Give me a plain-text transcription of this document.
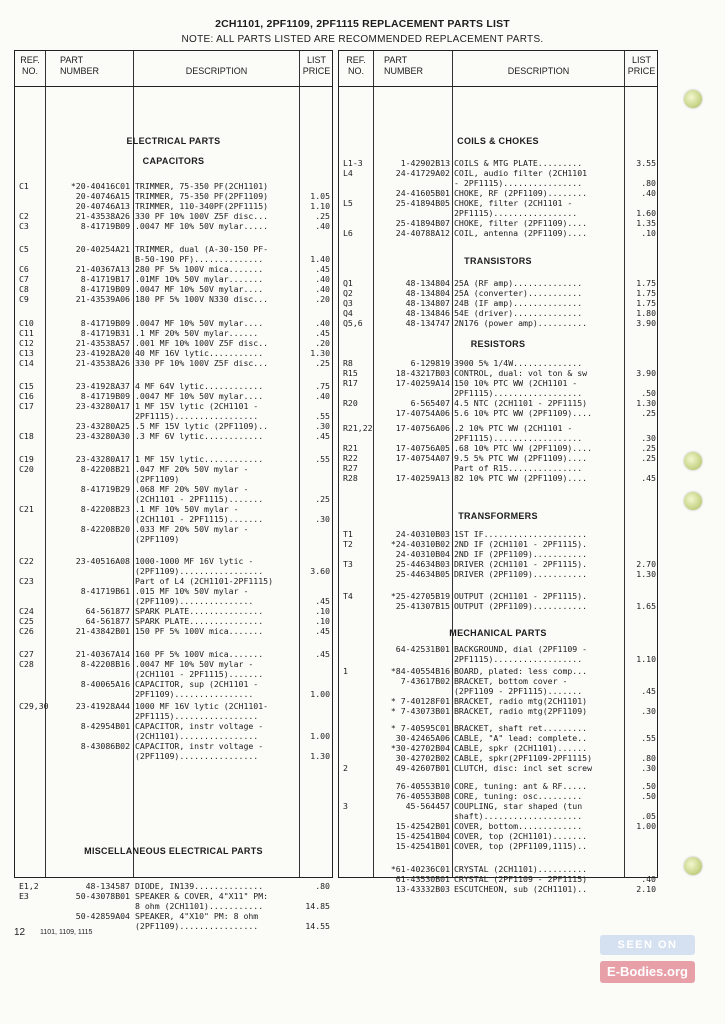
2CH1101, 2PF1109, 2PF1115 REPLACEMENT PARTS LIST
NOTE: ALL PARTS LISTED ARE RECOMMENDED REPLACEMENT PARTS.
REF.
NO.
PART
NUMBER	DESCRIPTION
LIST
PRICE
ELECTRICAL PARTS
CAPACITORS
MISCELLANEOUS ELECTRICAL PARTS
C1	*20-40416C01 TRIMMER, 75-350 PF(2CH1101)
20-40746A15 TRIMMER, 75-350 PF(2PF1109)	1.05
20-40746A13 TRIMMER, 110-340PF(2PF1115)	1.10
C2	21-43538A26 330 PF 10% 100V Z5F disc...	.25
C3	8-41719B09 .0047 MF 10% 50V mylar.....	.40
C5	20-40254A21 TRIMMER, dual (A-30-150 PF-
B-50-190 PF)..............	1.40
C6	21-40367A13 280 PF 5% 100V mica.......	.45
C7	8-41719B17 .01MF 10% 50V mylar.......	.40
C8	8-41719B09 .0047 MF 10% 50V mylar....	.40
C9	21-43539A06 180 PF 5% 100V N330 disc...	.20
C10	8-41719B09 .0047 MF 10% 50V mylar....	.40
C11	8-41719B31 .1 MF 20% 50V mylar......	.45
C12	21-43538A57 .001 MF 10% 100V Z5F disc..	.20
C13	23-41928A20 40 MF 16V lytic...........	1.30
C14	21-43538A26 330 PF 10% 100V Z5F disc...	.25
C15	23-41928A37 4 MF 64V lytic............	.75
C16	8-41719B09 .0047 MF 10% 50V mylar....	.40
C17	23-43280A17 1 MF 15V lytic (2CH1101 -
2PF1115).................	.55
23-43280A25 .5 MF 15V lytic (2PF1109)..	.30
C18	23-43280A30 .3 MF 6V lytic............	.45
C19	23-43280A17 1 MF 15V lytic............	.55
C20	8-42208B21 .047 MF 20% 50V mylar -
(2PF1109)
8-41719B29 .068 MF 20% 50V mylar -
(2CH1101 - 2PF1115).......	.25
C21	8-42208B23 .1 MF 10% 50V mylar -
(2CH1101 - 2PF1115).......	.30
8-42208B20 .033 MF 20% 50V mylar -
(2PF1109)
C22	23-40516A08 1000-1000 MF 16V lytic -
(2PF1109).................	3.60
C23	Part of L4 (2CH1101-2PF1115)
8-41719B61 .015 MF 10% 50V mylar -
(2PF1109)...............	.45
C24	64-561877 SPARK PLATE...............	.10
C25	64-561877 SPARK PLATE...............	.10
C26	21-43842B01 150 PF 5% 100V mica.......	.45
C27	21-40367A14 160 PF 5% 100V mica.......	.45
C28	8-42208B16 .0047 MF 10% 50V mylar -
(2CH1101 - 2PF1115).......
8-40065A16 CAPACITOR, sup (2CH1101 -
2PF1109)................	1.00
C29,30	23-41928A44 1000 MF 16V lytic (2CH1101-
2PF1115).................
8-42954B01 CAPACITOR, instr voltage -
(2CH1101)................	1.00
8-43086B02 CAPACITOR, instr voltage -
(2PF1109)................	1.30
E1,2	48-134587 DIODE, IN139..............	.80
E3	50-43078B01 SPEAKER & COVER, 4"X11" PM:
8 ohm (2CH1101)...........	14.85
50-42859A04 SPEAKER, 4"X10" PM: 8 ohm
(2PF1109)................	14.55
REF.
NO.
PART
NUMBER	DESCRIPTION
LIST
PRICE
COILS & CHOKES
TRANSISTORS
RESISTORS
TRANSFORMERS
MECHANICAL PARTS
L1-3	1-42902B13 COILS & MTG PLATE.........	3.55
L4	24-41729A02 COIL, audio filter (2CH1101
- 2PF1115)................	.80
24-41605B01 CHOKE, RF (2PF1109)........	.40
L5	25-41894B05 CHOKE, filter (2CH1101 -
2PF1115).................	1.60
25-41894B07 CHOKE, filter (2PF1109)....	1.35
L6	24-40788A12 COIL, antenna (2PF1109)....	.10
Q1	48-134804 25A (RF amp)..............	1.75
Q2	48-134804 25A (converter)...........	1.75
Q3	48-134807 24B (IF amp)..............	1.75
Q4	48-134846 54E (driver)..............	1.80
Q5,6	48-134747 2N176 (power amp)..........	3.90
R8	6-129819 3900 5% 1/4W..............
R15	18-43217B03 CONTROL, dual: vol ton & sw	3.90
R17	17-40259A14 150 10% PTC WW (2CH1101 -
2PF1115)..................	.50
R20	6-565407 4.5 NTC (2CH1101 - 2PF1115)	1.30
17-40754A06 5.6 10% PTC WW (2PF1109)....	.25
R21,22	17-40756A06 .2 10% PTC WW (2CH1101 -
2PF1115)..................	.30
R21	17-40756A05 .68 10% PTC WW (2PF1109)....	.25
R22	17-40754A07 9.5 5% PTC WW (2PF1109)....	.25
R27	Part of R15...............
R28	17-40259A13 82 10% PTC WW (2PF1109)....	.45
T1	24-40310B03 1ST IF.....................
T2	*24-40310B02 2ND IF (2CH1101 - 2PF1115).
24-40310B04 2ND IF (2PF1109)...........
T3	25-44634B03 DRIVER (2CH1101 - 2PF1115).	2.70
25-44634B05 DRIVER (2PF1109)...........	1.30
T4	*25-42705B19 OUTPUT (2CH1101 - 2PF1115).
25-41307B15 OUTPUT (2PF1109)...........	1.65
64-42531B01 BACKGROUND, dial (2PF1109 -
2PF1115)..................	1.10
1	*84-40554B16 BOARD, plated: less comp...
7-43617B02 BRACKET, bottom cover -
(2PF1109 - 2PF1115).......	.45
* 7-40128F01 BRACKET, radio mtg(2CH1101)
* 7-43073B01 BRACKET, radio mtg(2PF1109)	.30
* 7-40595C01 BRACKET, shaft ret.........
30-42465A06 CABLE, "A" lead: complete..	.55
*30-42702B04 CABLE, spkr (2CH1101)......
30-42702B02 CABLE, spkr(2PF1109-2PF1115)	.80
2	49-42607B01 CLUTCH, disc: incl set screw	.30
76-40553B10 CORE, tuning: ant & RF.....	.50
76-40553B08 CORE, tuning: osc.........	.50
3	45-564457 COUPLING, star shaped (tun
shaft)....................	.05
15-42542B01 COVER, bottom.............	1.00
15-42541B04 COVER, top (2CH1101).......
15-42541B01 COVER, top (2PF1109,1115)..
*61-40236C01 CRYSTAL (2CH1101)..........
61-43530B01 CRYSTAL (2PF1109 - 2PF1115)	.40
13-43332B03 ESCUTCHEON, sub (2CH1101)..	2.10
12 1101, 1109, 1115
SEEN ON
E-Bodies.org
